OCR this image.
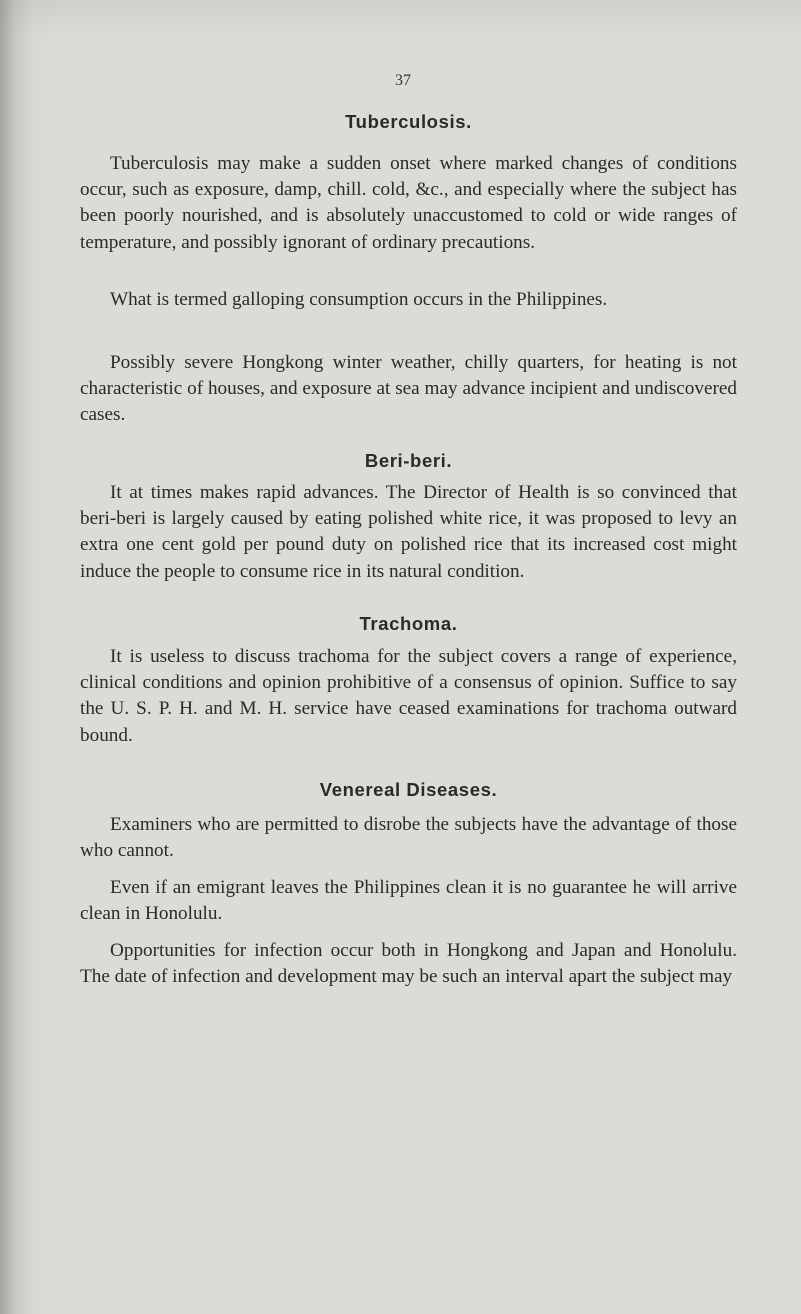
37
Tuberculosis.

Tuberculosis may make a sudden onset where marked changes of conditions occur, such as exposure, damp, chill. cold, &c., and especially where the subject has been poorly nourished, and is absolutely unaccustomed to cold or wide ranges of temperature, and possibly ignorant of ordinary precautions.

What is termed galloping consumption occurs in the Philippines.

Possibly severe Hongkong winter weather, chilly quarters, for heating is not characteristic of houses, and exposure at sea may advance incipient and undiscovered cases.

Beri-beri.

It at times makes rapid advances. The Director of Health is so convinced that beri-beri is largely caused by eating polished white rice, it was proposed to levy an extra one cent gold per pound duty on polished rice that its increased cost might induce the people to consume rice in its natural condition.

Trachoma.

It is useless to discuss trachoma for the subject covers a range of experience, clinical conditions and opinion prohibitive of a consensus of opinion. Suffice to say the U. S. P. H. and M. H. service have ceased examinations for trachoma outward bound.

Venereal Diseases.

Examiners who are permitted to disrobe the subjects have the advantage of those who cannot.

Even if an emigrant leaves the Philippines clean it is no guarantee he will arrive clean in Honolulu.

Opportunities for infection occur both in Hongkong and Japan and Honolulu. The date of infection and development may be such an interval apart the subject may
